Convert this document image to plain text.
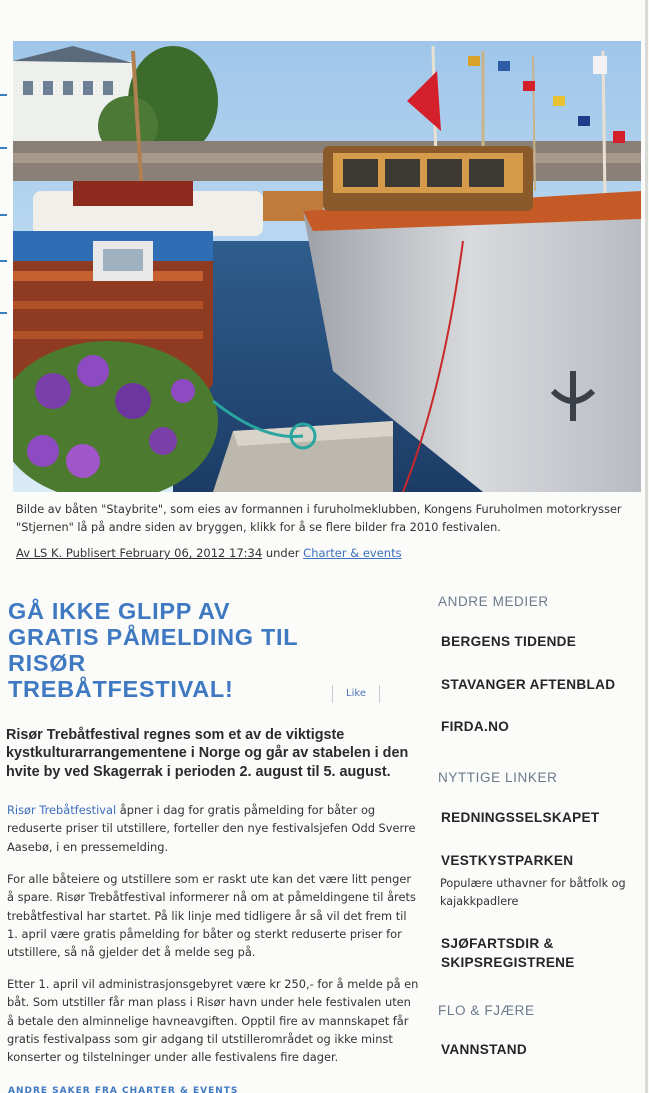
Bilde av båten "Staybrite", som eies av formannen i furuholmeklubben, Kongens Furuholmen motorkrysser "Stjernen" lå på andre siden av bryggen, klikk for å se flere bilder fra 2010 festivalen.
Av LS K. Publisert February 06, 2012 17:34 under Charter & events
GÅ IKKE GLIPP AV GRATIS PÅMELDING TIL RISØR TREBÅTFESTIVAL!	Like

Risør Trebåtfestival regnes som et av de viktigste kystkulturarrangementene i Norge og går av stabelen i den hvite by ved Skagerrak i perioden 2. august til 5. august.

Risør Trebåtfestival åpner i dag for gratis påmelding for båter og reduserte priser til utstillere, forteller den nye festivalsjefen Odd Sverre Aasebø, i en pressemelding.

For alle båteiere og utstillere som er raskt ute kan det være litt penger å spare. Risør Trebåtfestival informerer nå om at påmeldingene til årets trebåtfestival har startet. På lik linje med tidligere år så vil det frem til 1. april være gratis påmelding for båter og sterkt reduserte priser for utstillere, så nå gjelder det å melde seg på.

Etter 1. april vil administrasjonsgebyret være kr 250,- for å melde på en båt. Som utstiller får man plass i Risør havn under hele festivalen uten å betale den alminnelige havneavgiften. Opptil fire av mannskapet får gratis festivalpass som gir adgang til utstillerområdet og ikke minst konserter og tilstelninger under alle festivalens fire dager.

ANDRE SAKER FRA CHARTER & EVENTS
ANDRE MEDIER
BERGENS TIDENDE
STAVANGER AFTENBLAD
FIRDA.NO
NYTTIGE LINKER
REDNINGSSELSKAPET
VESTKYSTPARKEN
Populære uthavner for båtfolk og kajakkpadlere
SJØFARTSDIR & SKIPSREGISTRENE
FLO & FJÆRE
VANNSTAND
